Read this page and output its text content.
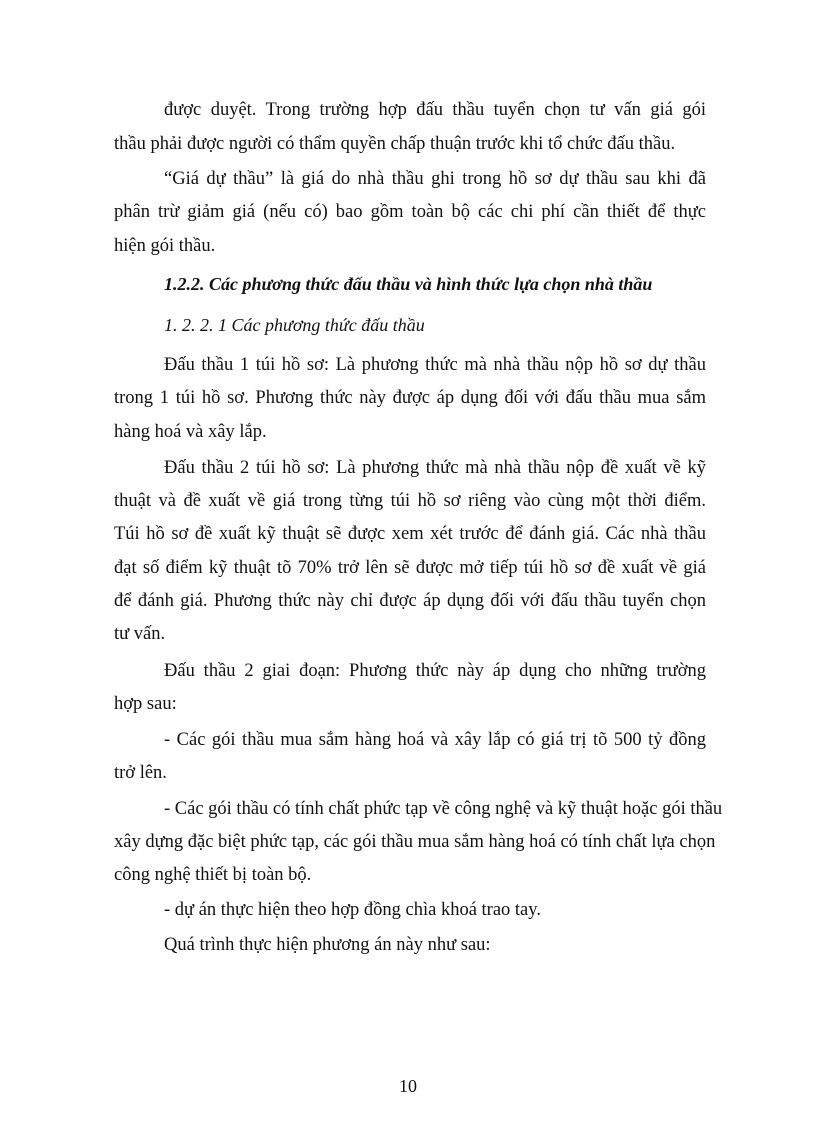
được duyệt. Trong trường hợp đấu thầu tuyển chọn tư vấn giá gói
thầu phải được người có thẩm quyền chấp thuận trước khi tổ chức đấu thầu.
“Giá dự thầu” là giá do nhà thầu ghi trong hồ sơ dự thầu sau khi đã
phân trừ giảm giá (nếu có) bao gồm toàn bộ các chi phí cần thiết để thực
hiện gói thầu.
1.2.2. Các phương thức đấu thầu và hình thức lựa chọn nhà thầu
1. 2. 2. 1 Các phương thức đấu thầu
Đấu thầu 1 túi hồ sơ: Là phương thức mà nhà thầu nộp hồ sơ dự thầu
trong 1 túi hồ sơ. Phương thức này được áp dụng đối với đấu thầu mua sắm
hàng hoá và xây lắp.
Đấu thầu 2 túi hồ sơ: Là phương thức mà nhà thầu nộp đề xuất về kỹ
thuật và đề xuất về giá trong từng túi hồ sơ riêng vào cùng một thời điểm.
Túi hồ sơ đề xuất kỹ thuật sẽ được xem xét trước để đánh giá. Các nhà thầu
đạt số điểm kỹ thuật tõ 70% trở lên sẽ được mở tiếp túi hồ sơ đề xuất về giá
để đánh giá. Phương thức này chỉ được áp dụng đối với đấu thầu tuyển chọn
tư vấn.
Đấu thầu 2 giai đoạn: Phương thức này áp dụng cho những trường
hợp sau:
- Các gói thầu mua sắm hàng hoá và xây lắp có giá trị tõ 500 tỷ đồng
trở lên.
- Các gói thầu có tính chất phức tạp về công nghệ và kỹ thuật hoặc gói thầu
xây dựng đặc biệt phức tạp, các gói thầu mua sắm hàng hoá có tính chất lựa chọn
công nghệ thiết bị toàn bộ.
- dự án thực hiện theo hợp đồng chìa khoá trao tay.
Quá trình thực hiện phương án này như sau:
10
